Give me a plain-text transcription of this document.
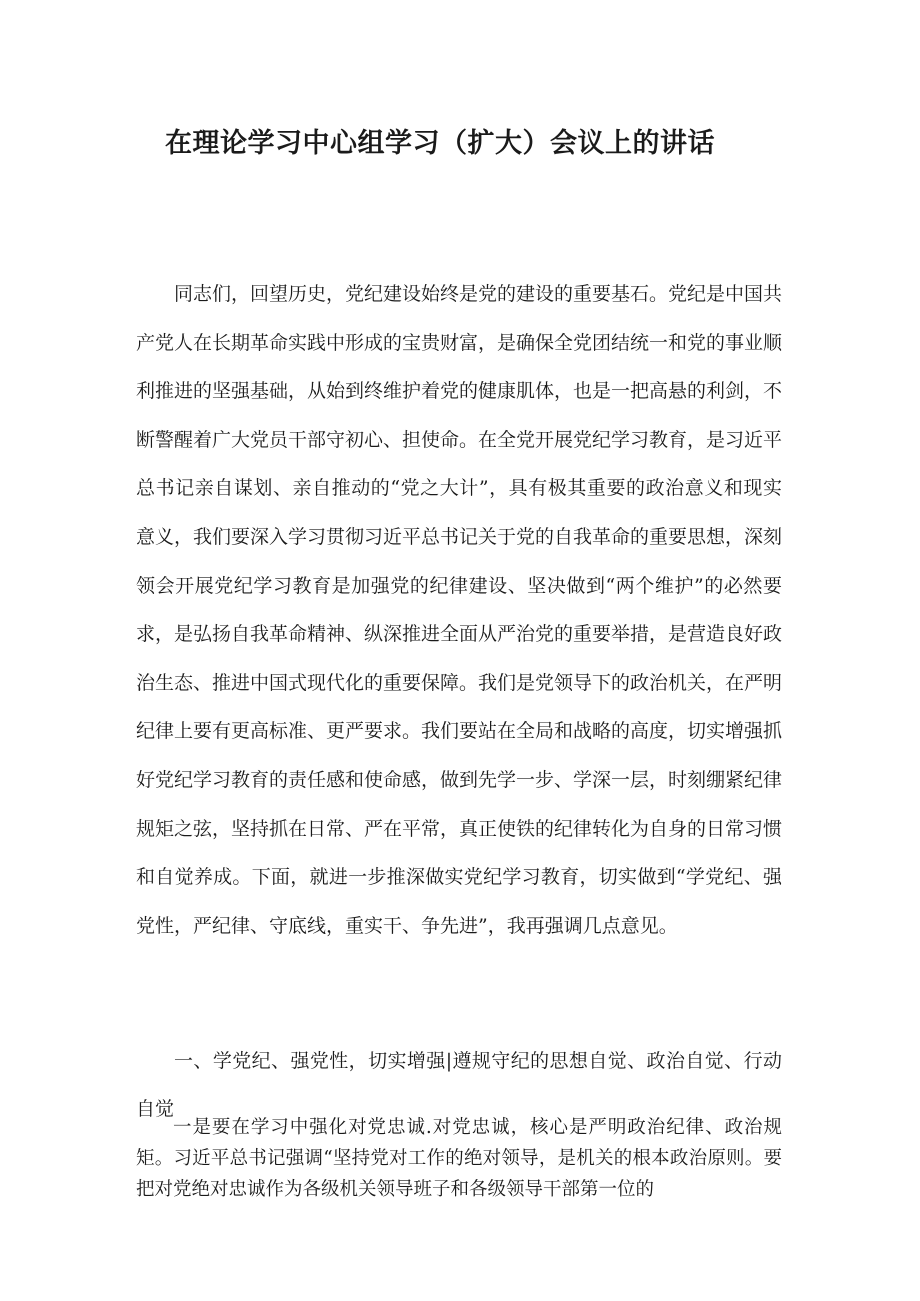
在理论学习中心组学习（扩大）会议上的讲话

同志们，回望历史，党纪建设始终是党的建设的重要基石。党纪是中国共产党人在长期革命实践中形成的宝贵财富，是确保全党团结统一和党的事业顺利推进的坚强基础，从始到终维护着党的健康肌体，也是一把高悬的利剑，不断警醒着广大党员干部守初心、担使命。在全党开展党纪学习教育，是习近平总书记亲自谋划、亲自推动的“党之大计”，具有极其重要的政治意义和现实意义，我们要深入学习贯彻习近平总书记关于党的自我革命的重要思想，深刻领会开展党纪学习教育是加强党的纪律建设、坚决做到“两个维护”的必然要求，是弘扬自我革命精神、纵深推进全面从严治党的重要举措，是营造良好政治生态、推进中国式现代化的重要保障。我们是党领导下的政治机关，在严明纪律上要有更高标准、更严要求。我们要站在全局和战略的高度，切实增强抓好党纪学习教育的责任感和使命感，做到先学一步、学深一层，时刻绷紧纪律规矩之弦，坚持抓在日常、严在平常，真正使铁的纪律转化为自身的日常习惯和自觉养成。下面，就进一步推深做实党纪学习教育，切实做到“学党纪、强党性，严纪律、守底线，重实干、争先进”，我再强调几点意见。

一、学党纪、强党性，切实增强|遵规守纪的思想自觉、政治自觉、行动自觉

一是要在学习中强化对党忠诚.对党忠诚，核心是严明政治纪律、政治规矩。习近平总书记强调“坚持党对工作的绝对领导，是机关的根本政治原则。要把对党绝对忠诚作为各级机关领导班子和各级领导干部第一位的
